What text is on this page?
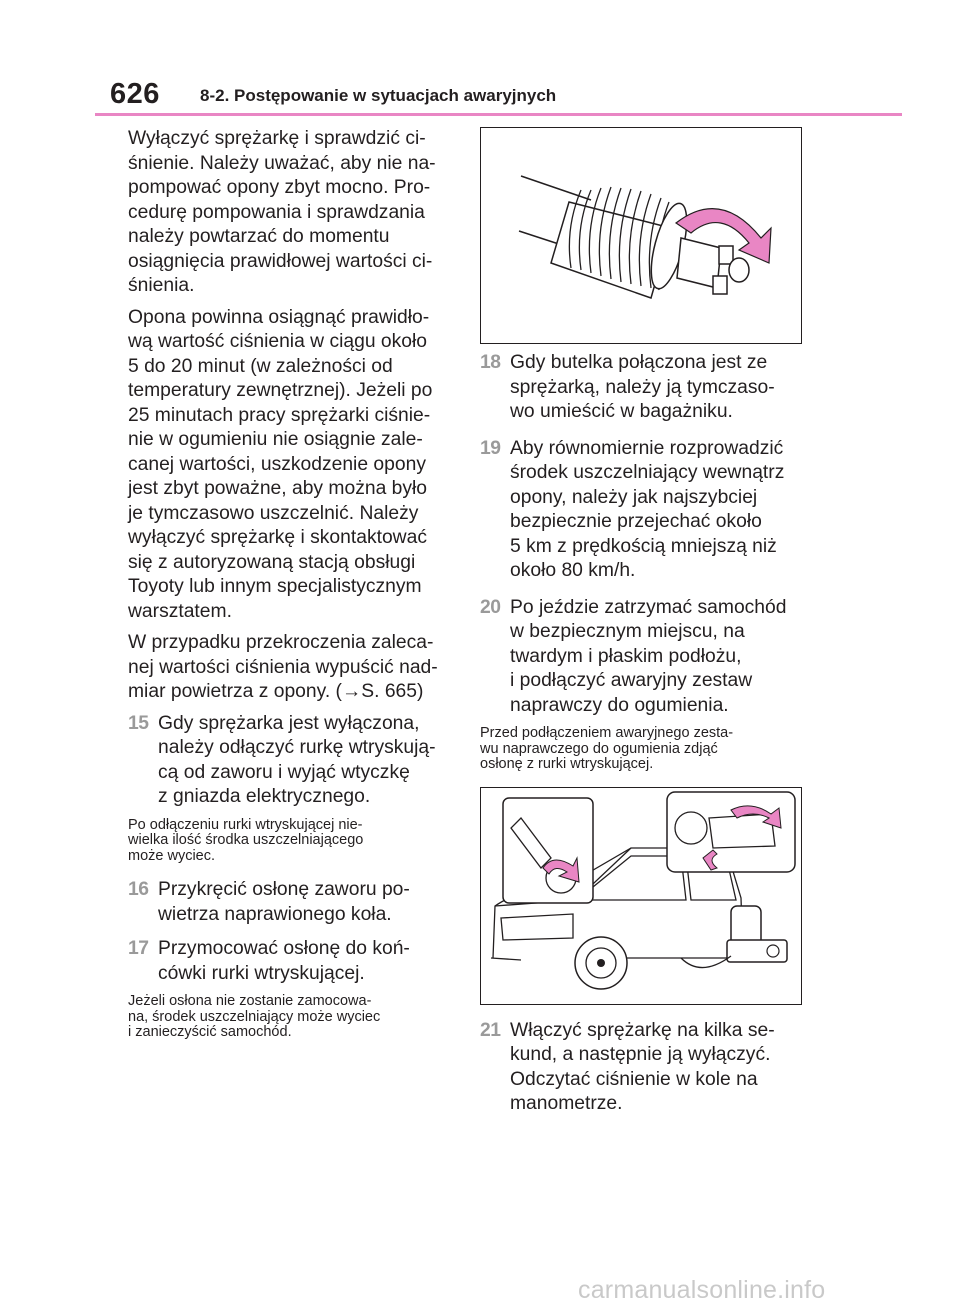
626 8-2. Postępowanie w sytuacjach awaryjnych

Wyłączyć sprężarkę i sprawdzić ci-
śnienie. Należy uważać, aby nie na-
pompować opony zbyt mocno. Pro-
cedurę pompowania i sprawdzania
należy powtarzać do momentu
osiągnięcia prawidłowej wartości ci-
śnienia.

Opona powinna osiągnąć prawidło-
wą wartość ciśnienia w ciągu około
5 do 20 minut (w zależności od
temperatury zewnętrznej). Jeżeli po
25 minutach pracy sprężarki ciśnie-
nie w ogumieniu nie osiągnie zale-
canej wartości, uszkodzenie opony
jest zbyt poważne, aby można było
je tymczasowo uszczelnić. Należy
wyłączyć sprężarkę i skontaktować
się z autoryzowaną stacją obsługi
Toyoty lub innym specjalistycznym
warsztatem.

W przypadku przekroczenia zaleca-
nej wartości ciśnienia wypuścić nad-
miar powietrza z opony. (→S. 665)

15 Gdy sprężarka jest wyłączona,
należy odłączyć rurkę wtryskują-
cą od zaworu i wyjąć wtyczkę
z gniazda elektrycznego.

Po odłączeniu rurki wtryskującej nie-
wielka ilość środka uszczelniającego
może wyciec.

16 Przykręcić osłonę zaworu po-
wietrza naprawionego koła.
17 Przymocować osłonę do koń-
cówki rurki wtryskującej.

Jeżeli osłona nie zostanie zamocowa-
na, środek uszczelniający może wyciec
i zanieczyścić samochód.

18 Gdy butelka połączona jest ze
sprężarką, należy ją tymczaso-
wo umieścić w bagażniku.
19 Aby równomiernie rozprowadzić
środek uszczelniający wewnątrz
opony, należy jak najszybciej
bezpiecznie przejechać około
5 km z prędkością mniejszą niż
około 80 km/h.
20 Po jeździe zatrzymać samochód
w bezpiecznym miejscu, na
twardym i płaskim podłożu,
i podłączyć awaryjny zestaw
naprawczy do ogumienia.

Przed podłączeniem awaryjnego zesta-
wu naprawczego do ogumienia zdjąć
osłonę z rurki wtryskującej.

21 Włączyć sprężarkę na kilka se-
kund, a następnie ją wyłączyć.
Odczytać ciśnienie w kole na
manometrze.
carmanualsonline.info
